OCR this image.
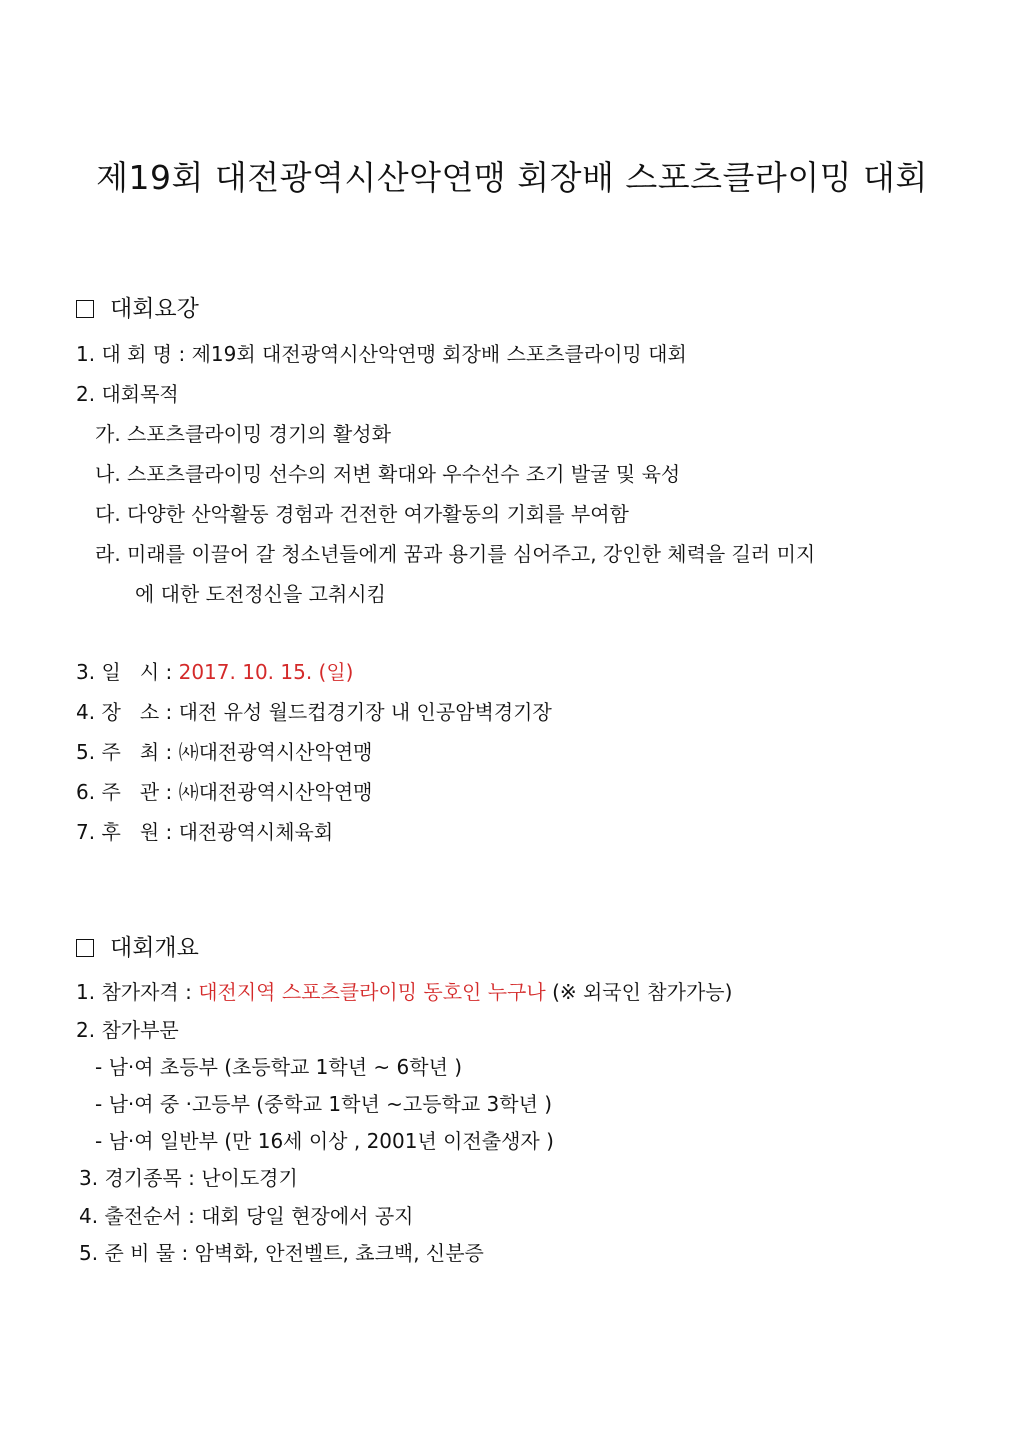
제19회 대전광역시산악연맹 회장배 스포츠클라이밍 대회
대회요강
1. 대 회 명 : 제19회 대전광역시산악연맹 회장배 스포츠클라이밍 대회
2. 대회목적
가. 스포츠클라이밍 경기의 활성화
나. 스포츠클라이밍 선수의 저변 확대와 우수선수 조기 발굴 및 육성
다. 다양한 산악활동 경험과 건전한 여가활동의 기회를 부여함
라. 미래를 이끌어 갈 청소년들에게 꿈과 용기를 심어주고, 강인한 체력을 길러 미지
에 대한 도전정신을 고취시킴
3. 일   시 : 2017. 10. 15. (일)
4. 장   소 : 대전 유성 월드컵경기장 내 인공암벽경기장
5. 주   최 : ㈔대전광역시산악연맹
6. 주   관 : ㈔대전광역시산악연맹
7. 후   원 : 대전광역시체육회
대회개요
1. 참가자격 : 대전지역 스포츠클라이밍 동호인 누구나 (※ 외국인 참가가능)
2. 참가부문
- 남·여 초등부 (초등학교 1학년 ~ 6학년 )
- 남·여 중 ·고등부 (중학교 1학년 ~고등학교 3학년 )
- 남·여 일반부 (만 16세 이상 , 2001년 이전출생자 )
3. 경기종목 : 난이도경기
4. 출전순서 : 대회 당일 현장에서 공지
5. 준 비 물 : 암벽화, 안전벨트, 쵸크백, 신분증
